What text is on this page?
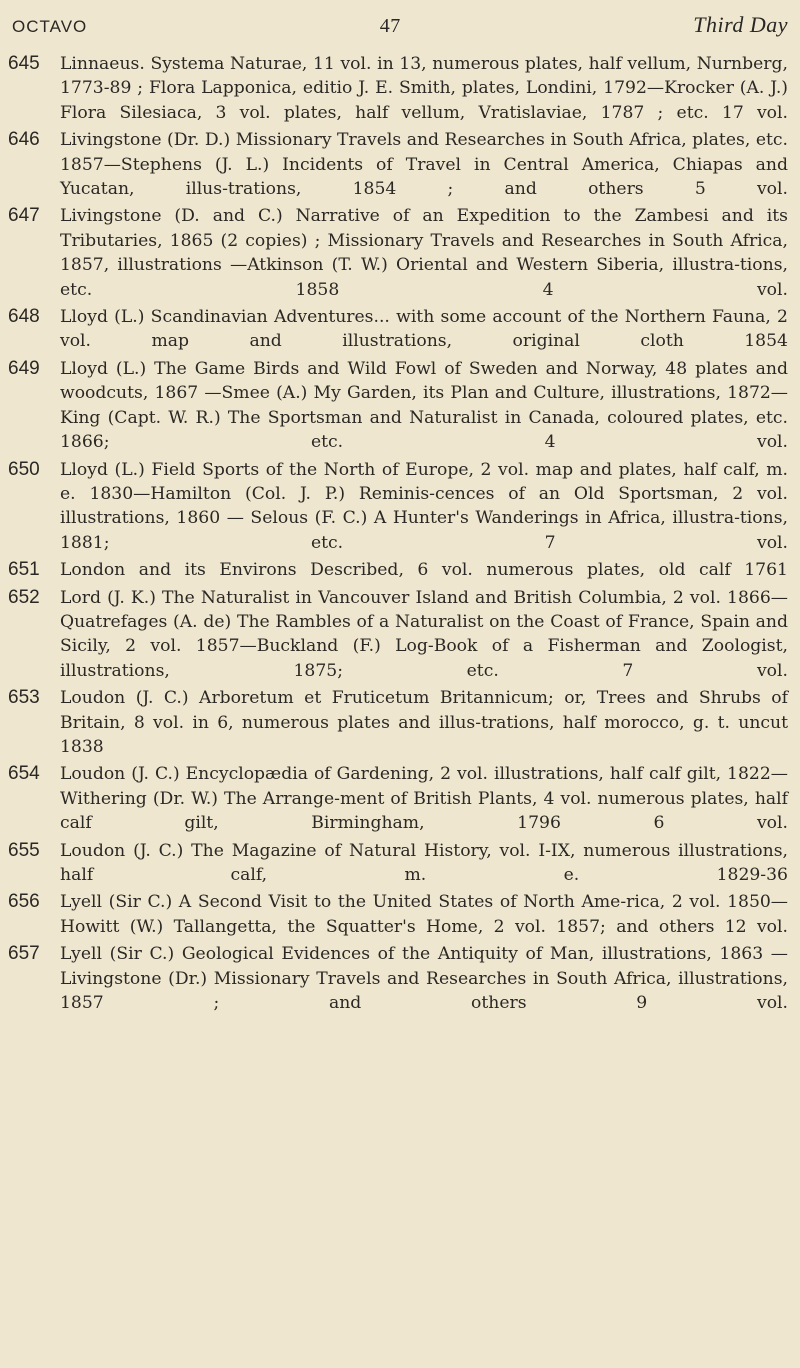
OCTAVO	47	Third Day
645	Linnaeus. Systema Naturae, 11 vol. in 13, numerous plates, half vellum, Nurnberg, 1773-89 ; Flora Lapponica, editio J. E. Smith, plates, Londini, 1792—Krocker (A. J.) Flora Silesiaca, 3 vol. plates, half vellum, Vratislaviae, 1787 ; etc. 17 vol.
646	Livingstone (Dr. D.) Missionary Travels and Researches in South Africa, plates, etc. 1857—Stephens (J. L.) Incidents of Travel in Central America, Chiapas and Yucatan, illus-trations, 1854 ; and others 5 vol.
647	Livingstone (D. and C.) Narrative of an Expedition to the Zambesi and its Tributaries, 1865 (2 copies) ; Missionary Travels and Researches in South Africa, 1857, illustrations —Atkinson (T. W.) Oriental and Western Siberia, illustra-tions, etc. 1858 4 vol.
648	Lloyd (L.) Scandinavian Adventures... with some account of the Northern Fauna, 2 vol. map and illustrations, original cloth 1854
649	Lloyd (L.) The Game Birds and Wild Fowl of Sweden and Norway, 48 plates and woodcuts, 1867 —Smee (A.) My Garden, its Plan and Culture, illustrations, 1872—King (Capt. W. R.) The Sportsman and Naturalist in Canada, coloured plates, etc. 1866; etc. 4 vol.
650	Lloyd (L.) Field Sports of the North of Europe, 2 vol. map and plates, half calf, m. e. 1830—Hamilton (Col. J. P.) Reminis-cences of an Old Sportsman, 2 vol. illustrations, 1860 — Selous (F. C.) A Hunter's Wanderings in Africa, illustra-tions, 1881; etc. 7 vol.
651	London and its Environs Described, 6 vol. numerous plates, old calf 1761
652	Lord (J. K.) The Naturalist in Vancouver Island and British Columbia, 2 vol. 1866—Quatrefages (A. de) The Rambles of a Naturalist on the Coast of France, Spain and Sicily, 2 vol. 1857—Buckland (F.) Log-Book of a Fisherman and Zoologist, illustrations, 1875; etc. 7 vol.
653	Loudon (J. C.) Arboretum et Fruticetum Britannicum; or, Trees and Shrubs of Britain, 8 vol. in 6, numerous plates and illus-trations, half morocco, g. t. uncut 1838
654	Loudon (J. C.) Encyclopædia of Gardening, 2 vol. illustrations, half calf gilt, 1822— Withering (Dr. W.) The Arrange-ment of British Plants, 4 vol. numerous plates, half calf gilt, Birmingham, 1796 6 vol.
655	Loudon (J. C.) The Magazine of Natural History, vol. I-IX, numerous illustrations, half calf, m. e. 1829-36
656	Lyell (Sir C.) A Second Visit to the United States of North Ame-rica, 2 vol. 1850—Howitt (W.) Tallangetta, the Squatter's Home, 2 vol. 1857; and others 12 vol.
657	Lyell (Sir C.) Geological Evidences of the Antiquity of Man, illustrations, 1863 — Livingstone (Dr.) Missionary Travels and Researches in South Africa, illustrations, 1857 ; and others 9 vol.
